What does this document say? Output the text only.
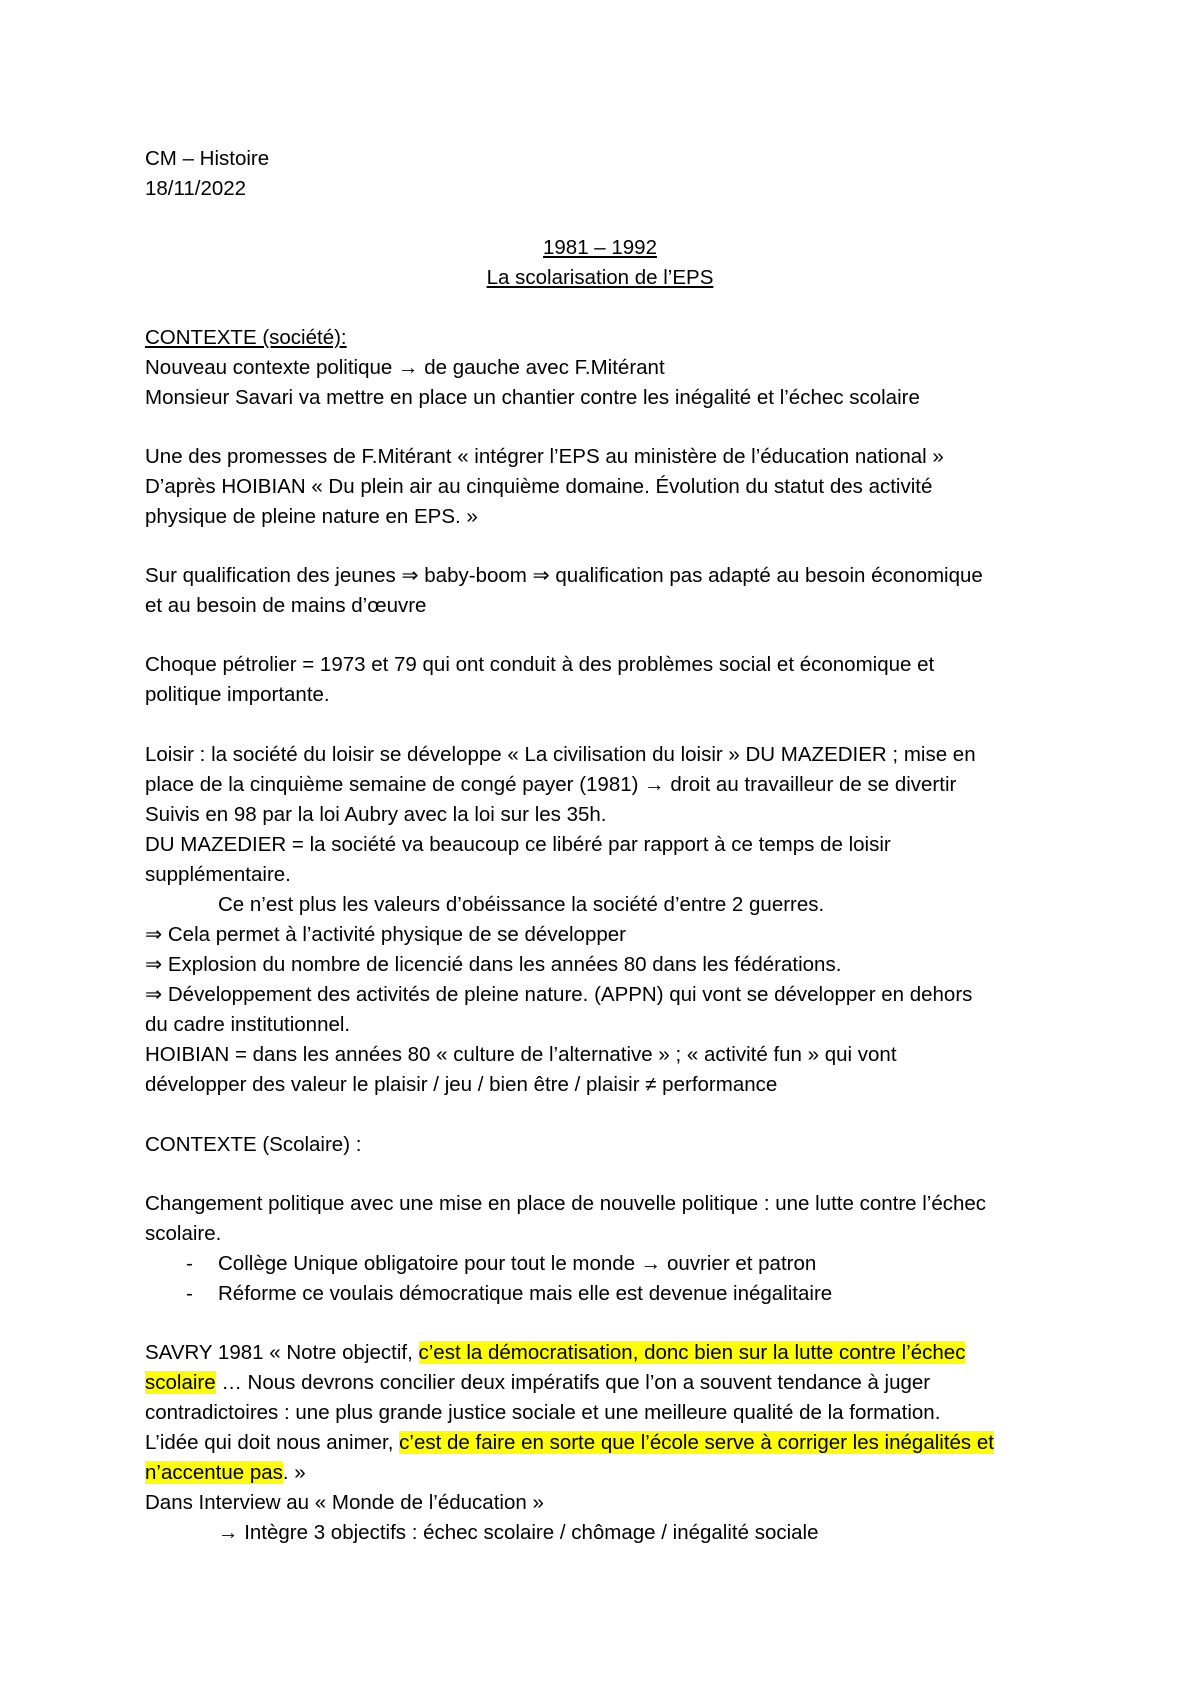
CM – Histoire
18/11/2022
1981 – 1992
La scolarisation de l’EPS
CONTEXTE (société):
Nouveau contexte politique → de gauche avec F.Mitérant
Monsieur Savari va mettre en place un chantier contre les inégalité et l’échec scolaire
Une des promesses de F.Mitérant « intégrer l’EPS au ministère de l’éducation national »
D’après HOIBIAN « Du plein air au cinquième domaine. Évolution du statut des activité
physique de pleine nature en EPS. »
Sur qualification des jeunes ⇒ baby-boom ⇒ qualification pas adapté au besoin économique
et au besoin de mains d’œuvre
Choque pétrolier = 1973 et 79 qui ont conduit à des problèmes social et économique et
politique importante.
Loisir : la société du loisir se développe « La civilisation du loisir » DU MAZEDIER ; mise en
place de la cinquième semaine de congé payer (1981) → droit au travailleur de se divertir
Suivis en 98 par la loi Aubry avec la loi sur les 35h.
DU MAZEDIER = la société va beaucoup ce libéré par rapport à ce temps de loisir
supplémentaire.
Ce n’est plus les valeurs d’obéissance la société d’entre 2 guerres.
⇒ Cela permet à l’activité physique de se développer
⇒ Explosion du nombre de licencié dans les années 80 dans les fédérations.
⇒ Développement des activités de pleine nature. (APPN) qui vont se développer en dehors
du cadre institutionnel.
HOIBIAN = dans les années 80 « culture de l’alternative » ; « activité fun » qui vont
développer des valeur le plaisir / jeu / bien être / plaisir ≠ performance
CONTEXTE (Scolaire) :
Changement politique avec une mise en place de nouvelle politique : une lutte contre l’échec
scolaire.
- Collège Unique obligatoire pour tout le monde → ouvrier et patron
- Réforme ce voulais démocratique mais elle est devenue inégalitaire
SAVRY 1981 « Notre objectif, c’est la démocratisation, donc bien sur la lutte contre l’échec
scolaire … Nous devrons concilier deux impératifs que l’on a souvent tendance à juger
contradictoires : une plus grande justice sociale et une meilleure qualité de la formation.
L’idée qui doit nous animer, c’est de faire en sorte que l’école serve à corriger les inégalités et
n’accentue pas. »
Dans Interview au « Monde de l’éducation »
→ Intègre 3 objectifs : échec scolaire / chômage / inégalité sociale
